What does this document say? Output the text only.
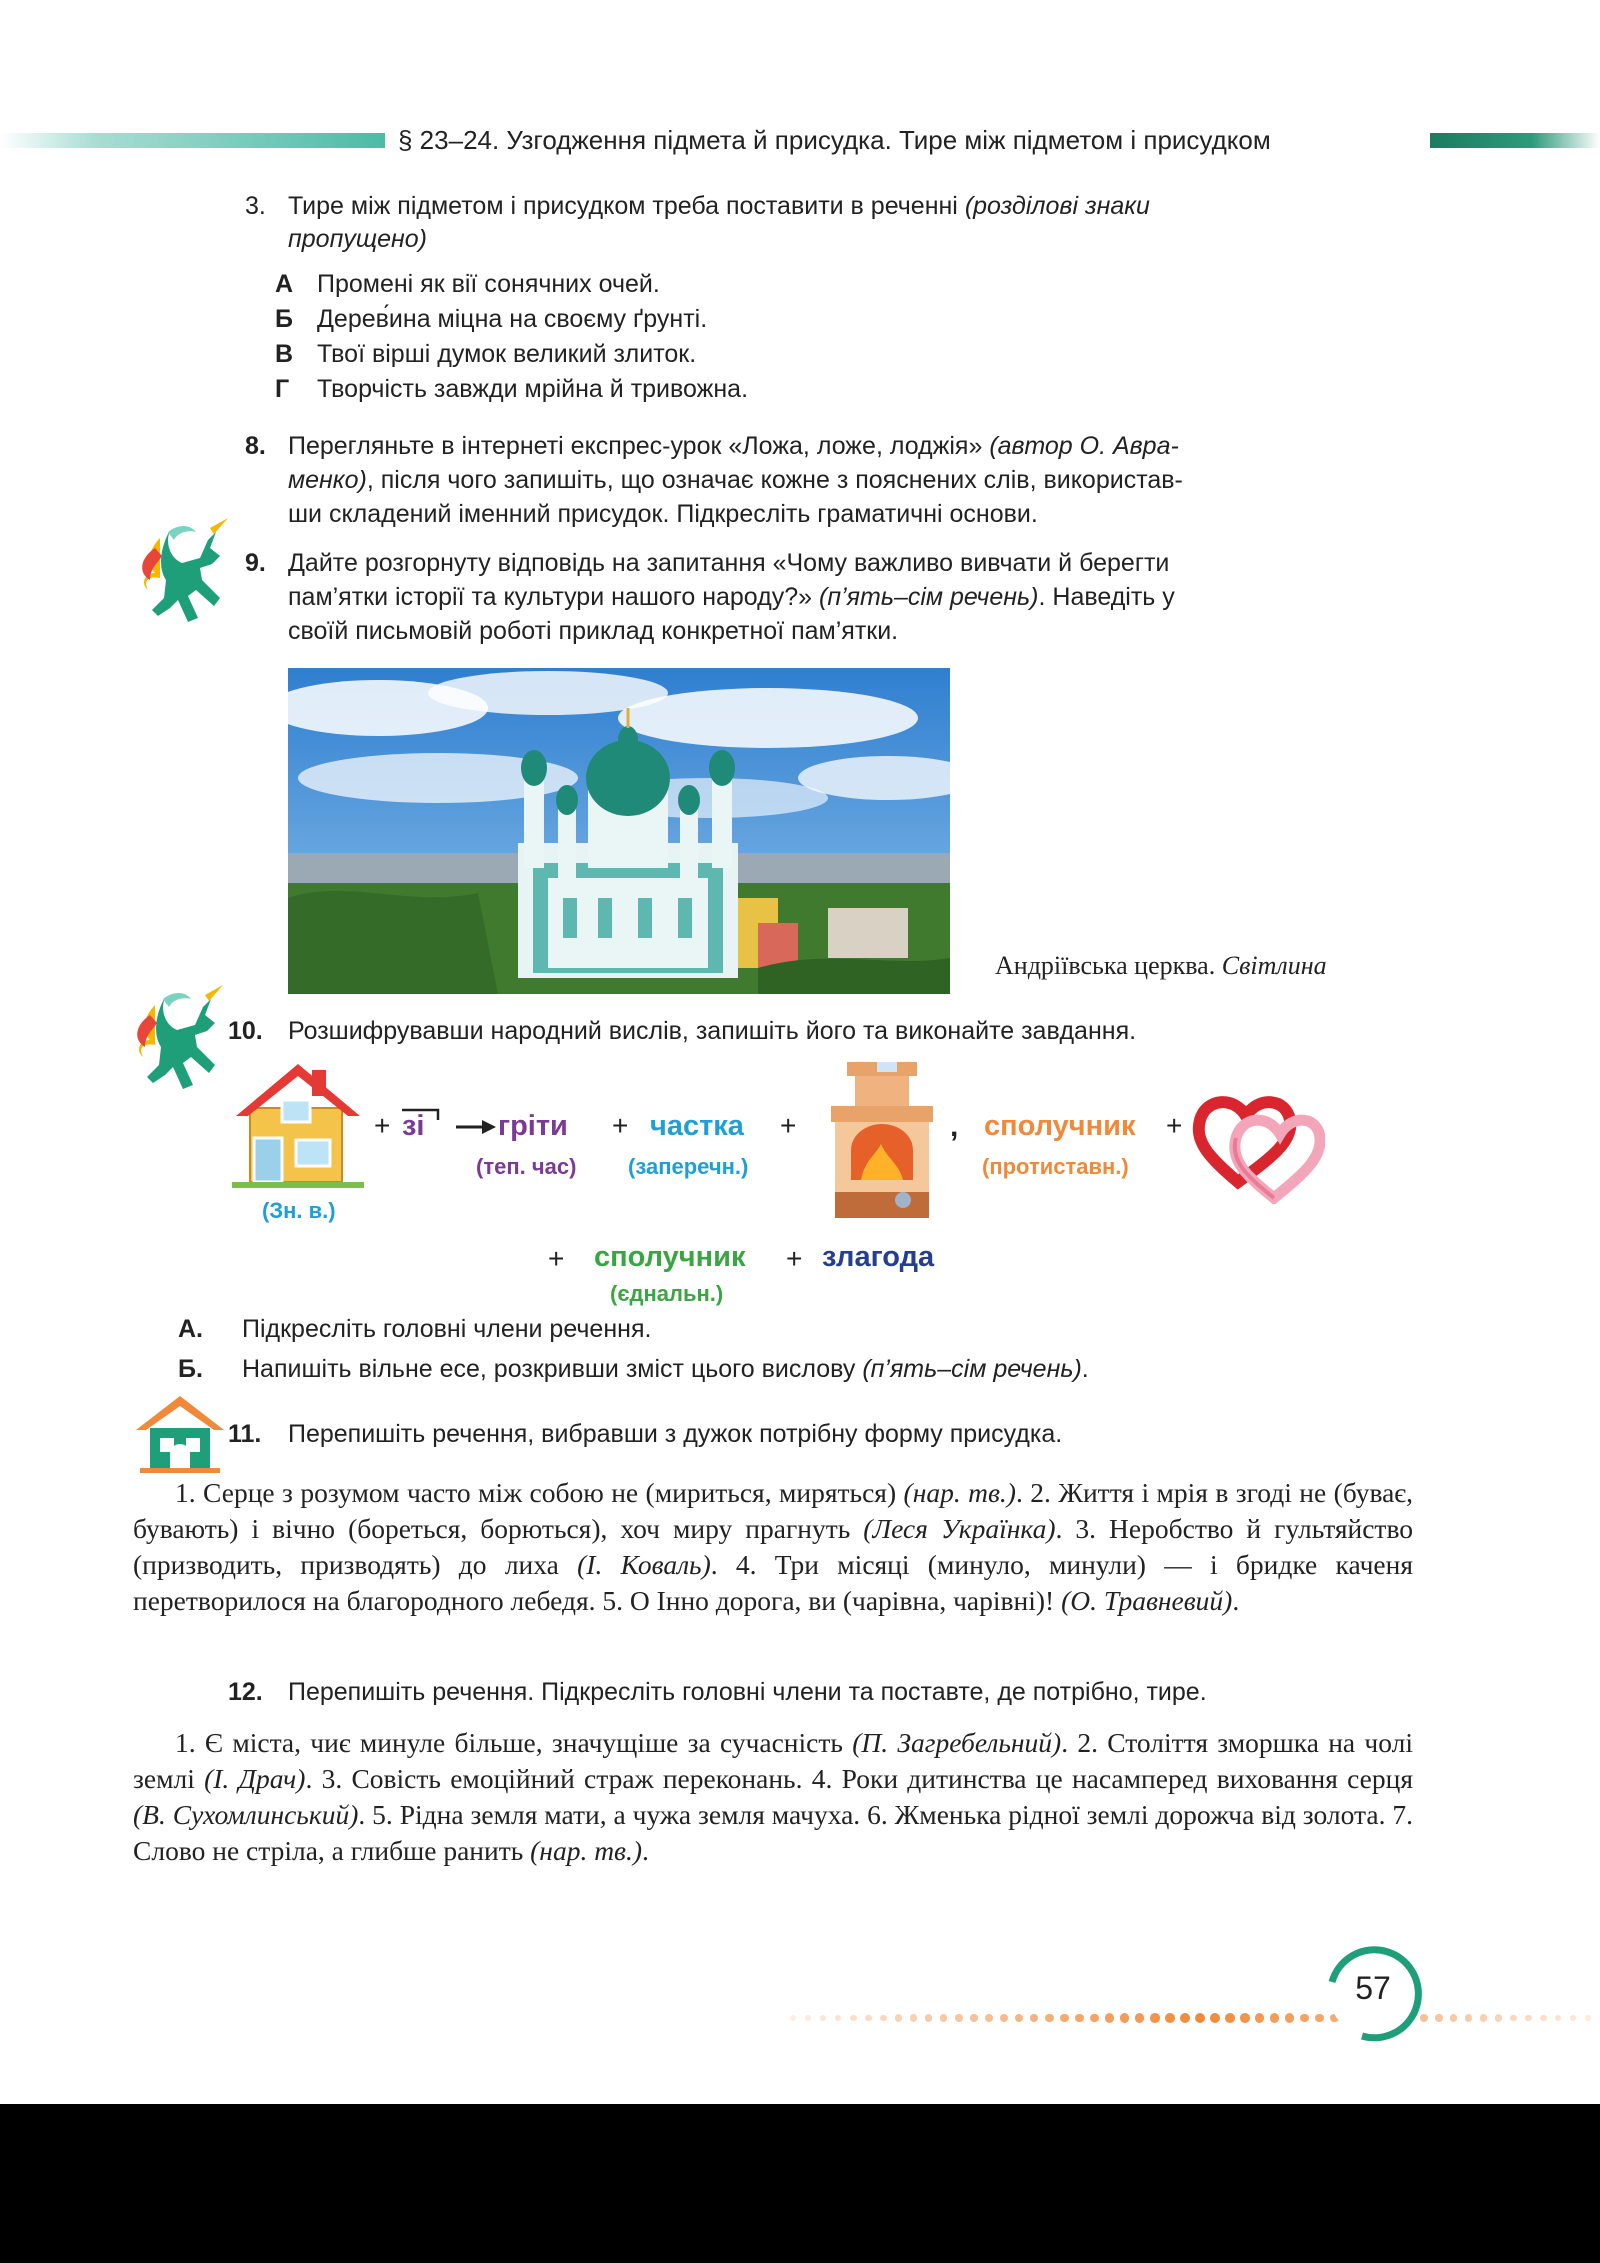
§ 23–24. Узгодження підмета й присудка. Тире між підметом і присудком
3. Тире між підметом і присудком треба поставити в реченні (розділові знаки
пропущено)
А Промені як вії сонячних очей.
Б Дерев́ина міцна на своєму ґрунті.
В Твої вірші думок великий злиток.
Г Творчість завжди мрійна й тривожна.
8. Перегляньте в інтернеті експрес-урок «Ложа, ложе, лоджія» (автор О. Авра-
менко), після чого запишіть, що означає кожне з пояснених слів, використав-
ши складений іменний присудок. Підкресліть граматичні основи.
9. Дайте розгорнуту відповідь на запитання «Чому важливо вивчати й берегти
пам’ятки історії та культури нашого народу?» (п’ять–сім речень). Наведіть у
своїй письмовій роботі приклад конкретної пам’ятки.
Андріївська церква. Світлина
10. Розшифрувавши народний вислів, запишіть його та виконайте завдання.
(Зн. в.)
+ зі	гріти
(теп. час)
+ частка
(заперечн.)
+	, сполучник
(протиставн.)
+
+ сполучник
(єднальн.)
+ злагода
А. Підкресліть головні члени речення.
Б. Напишіть вільне есе, розкривши зміст цього вислову (п’ять–сім речень).
11. Перепишіть речення, вибравши з дужок потрібну форму присудка.
1. Серце з розумом часто між собою не (мириться, миряться) (нар. тв.). 2. Життя і мрія в згоді не (буває, бувають) і вічно (бореться, борються), хоч миру прагнуть (Леся Українка). 3. Неробство й гультяйство (призводить, призводять) до лиха (І. Коваль). 4. Три місяці (минуло, минули) — і бридке каченя перетворилося на благородного лебедя. 5. О Інно дорога, ви (чарівна, чарівні)! (О. Травневий).
12. Перепишіть речення. Підкресліть головні члени та поставте, де потрібно, тире.
1. Є міста, чиє минуле більше, значущіше за сучасність (П. Загребельний). 2. Століття зморшка на чолі землі (І. Драч). 3. Совість емоційний страж переконань. 4. Роки дитинства це насамперед виховання серця (В. Сухомлинський). 5. Рідна земля мати, а чужа земля мачуха. 6. Жменька рідної землі дорожча від золота. 7. Слово не стріла, а глибше ранить (нар. тв.).
57
